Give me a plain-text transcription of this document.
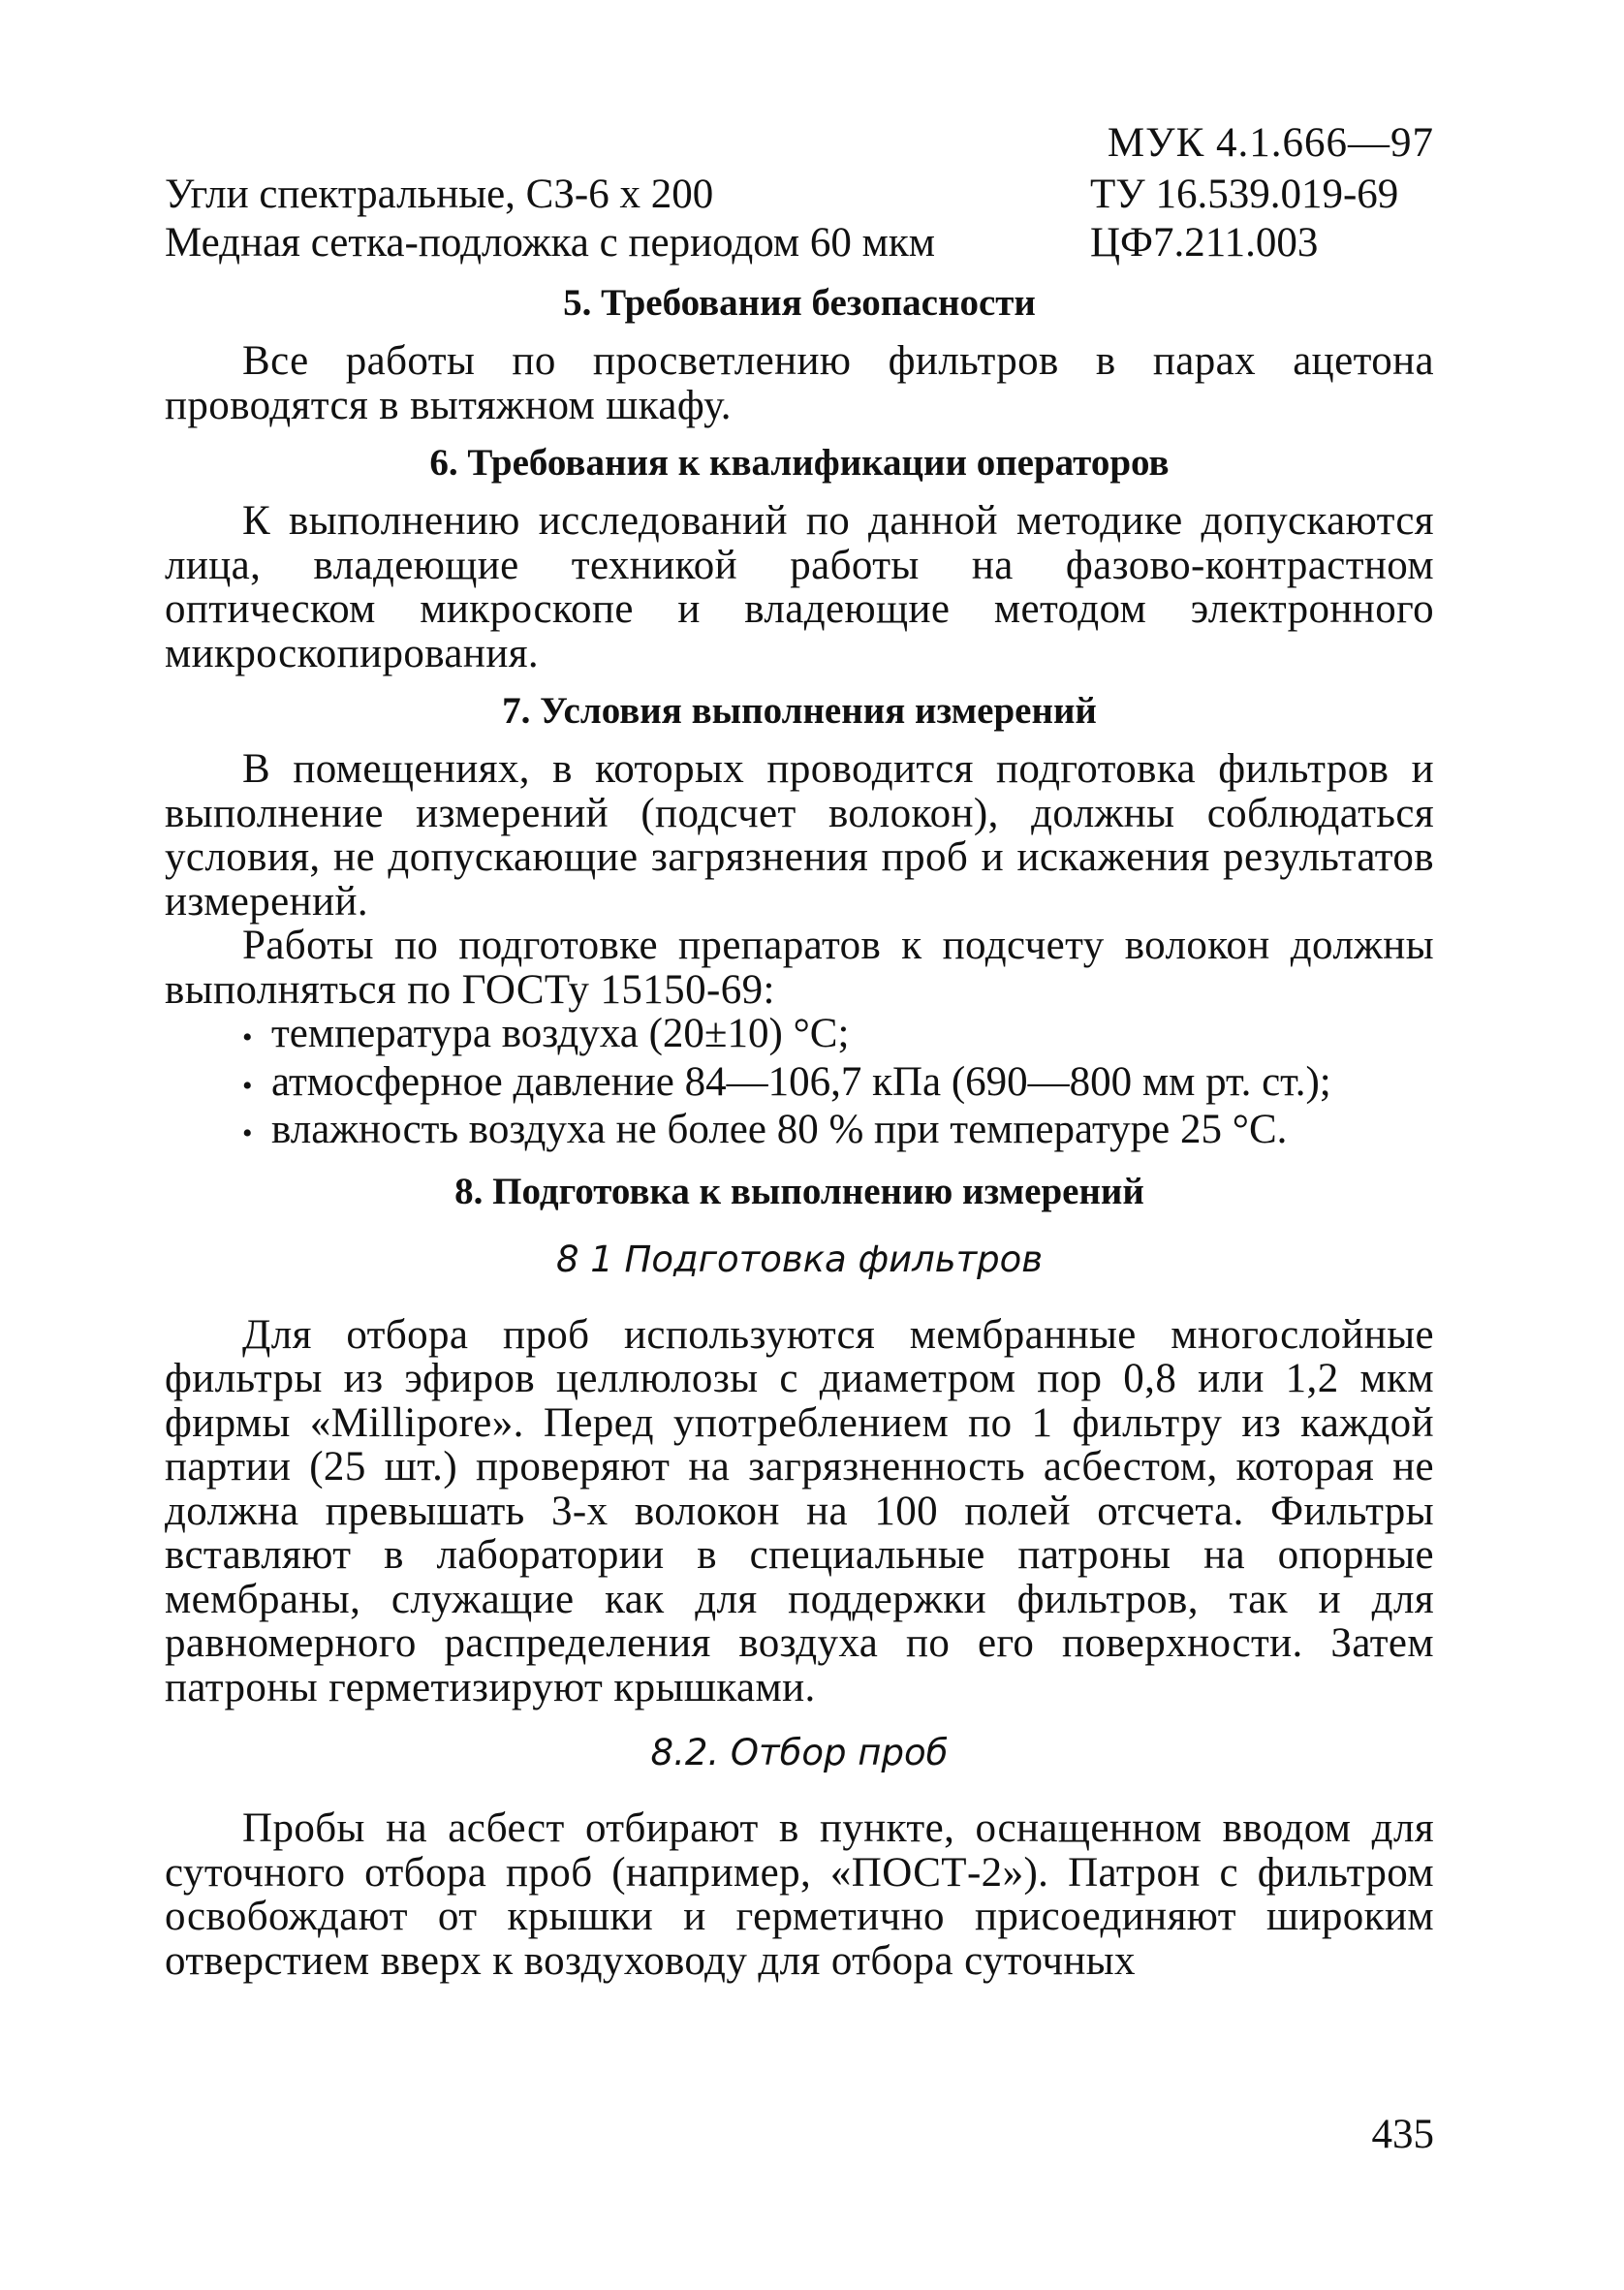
МУК 4.1.666—97
Угли спектральные, СЗ-6 x 200	ТУ 16.539.019-69
Медная сетка-подложка с периодом 60 мкм	ЦФ7.211.003
5. Требования безопасности

Все работы по просветлению фильтров в парах ацетона проводятся в вытяжном шкафу.

6. Требования к квалификации операторов

К выполнению исследований по данной методике допускаются лица, владеющие техникой работы на фазово-контрастном оптическом микроскопе и владеющие методом электронного микроскопирования.

7. Условия выполнения измерений

В помещениях, в которых проводится подготовка фильтров и выполнение измерений (подсчет волокон), должны соблюдаться условия, не допускающие загрязнения проб и искажения результатов измерений.

Работы по подготовке препаратов к подсчету волокон должны выполняться по ГОСТу 15150-69:

• температура воздуха (20±10) °С;
• атмосферное давление 84—106,7 кПа (690—800 мм рт. ст.);
• влажность воздуха не более 80 % при температуре 25 °С.
8. Подготовка к выполнению измерений
8 1 Подготовка фильтров

Для отбора проб используются мембранные многослойные фильтры из эфиров целлюлозы с диаметром пор 0,8 или 1,2 мкм фирмы «Millipore». Перед употреблением по 1 фильтру из каждой партии (25 шт.) проверяют на загрязненность асбестом, которая не должна превышать 3-х волокон на 100 полей отсчета. Фильтры вставляют в лаборатории в специальные патроны на опорные мембраны, служащие как для поддержки фильтров, так и для равномерного распределения воздуха по его поверхности. Затем патроны герметизируют крышками.

8.2. Отбор проб

Пробы на асбест отбирают в пункте, оснащенном вводом для суточного отбора проб (например, «ПОСТ-2»). Патрон с фильтром освобождают от крышки и герметично присоединяют широким отверстием вверх к воздуховоду для отбора суточных

435
